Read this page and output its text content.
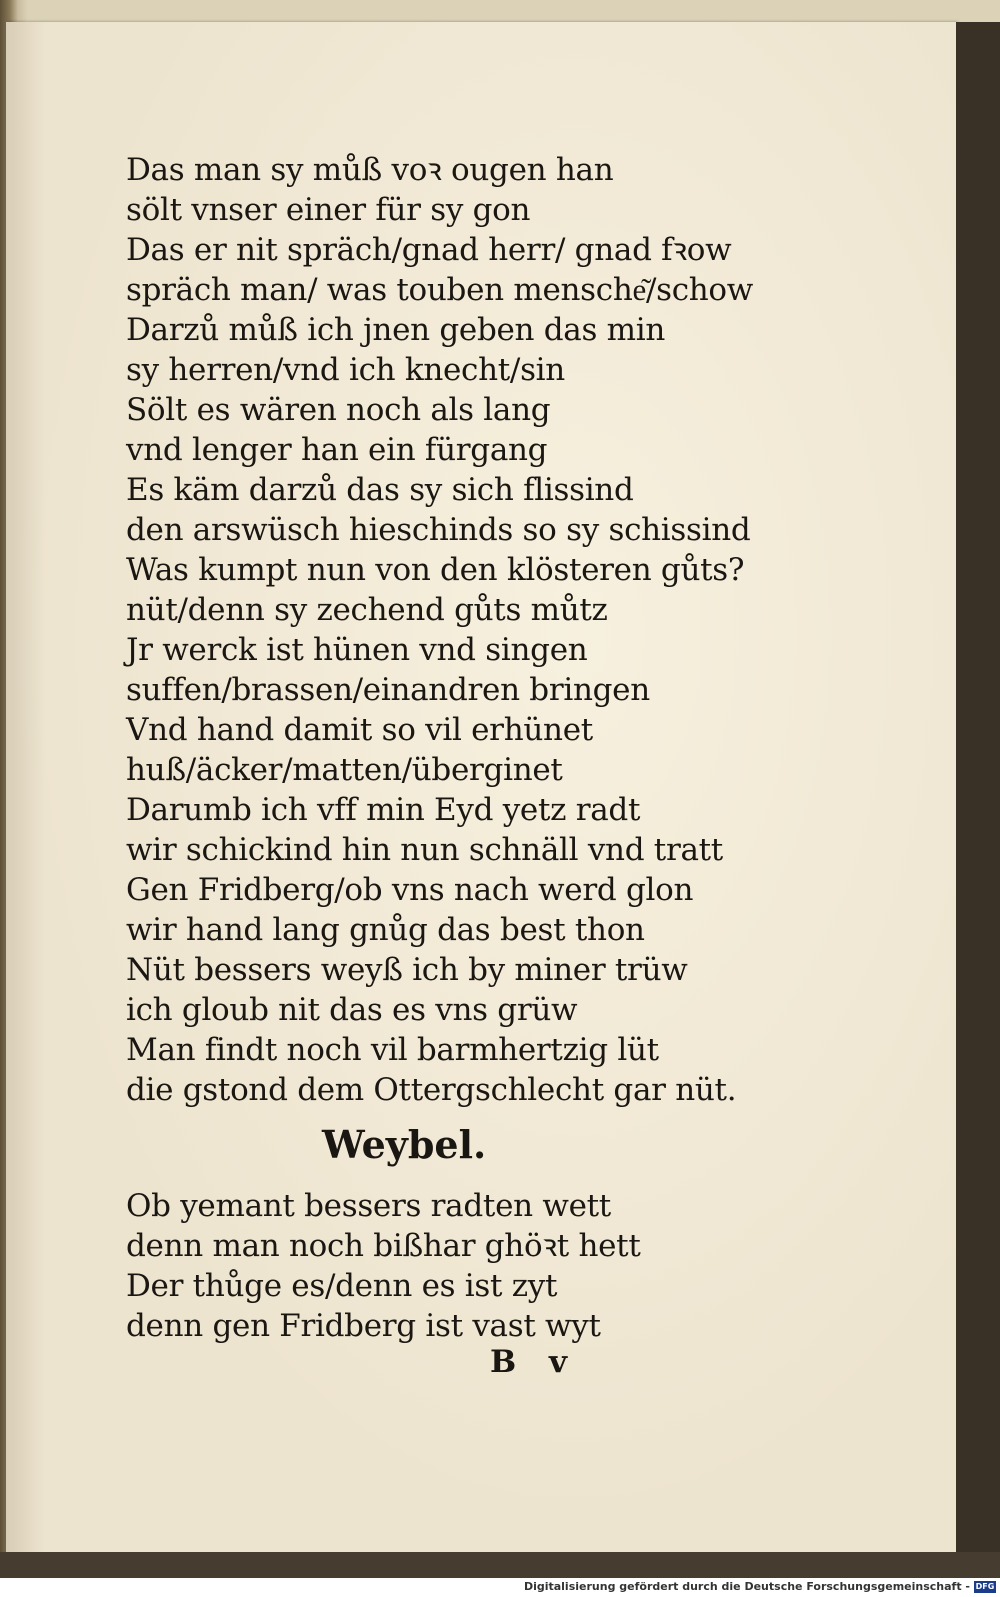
Das man sy můß voꝛ ougen han
sölt vnser einer für sy gon
Das er nit spräch/gnad herr/ gnad fꝛow
spräch man/ was touben mensche͂/schow
Darzů můß ich jnen geben das min
sy herren/vnd ich knecht/sin
Sölt es wären noch als lang
vnd lenger han ein fürgang
Es käm darzů das sy sich flissind
den arswüsch hieschinds so sy schissind
Was kumpt nun von den klösteren gůts?
nüt/denn sy zechend gůts můtz
Jr werck ist hünen vnd singen
suffen/brassen/einandren bringen
Vnd hand damit so vil erhünet
huß/äcker/matten/überginet
Darumb ich vff min Eyd yetz radt
wir schickind hin nun schnäll vnd tratt
Gen Fridberg/ob vns nach werd glon
wir hand lang gnůg das best thon
Nüt bessers weyß ich by miner trüw
ich gloub nit das es vns grüw
Man findt noch vil barmhertzig lüt
die gstond dem Ottergschlecht gar nüt.
Weybel.
Ob yemant bessers radten wett
denn man noch bißhar ghöꝛt hett
Der thůge es/denn es ist zyt
denn gen Fridberg ist vast wyt
B v
Digitalisierung gefördert durch die Deutsche Forschungsgemeinschaft - DFG
